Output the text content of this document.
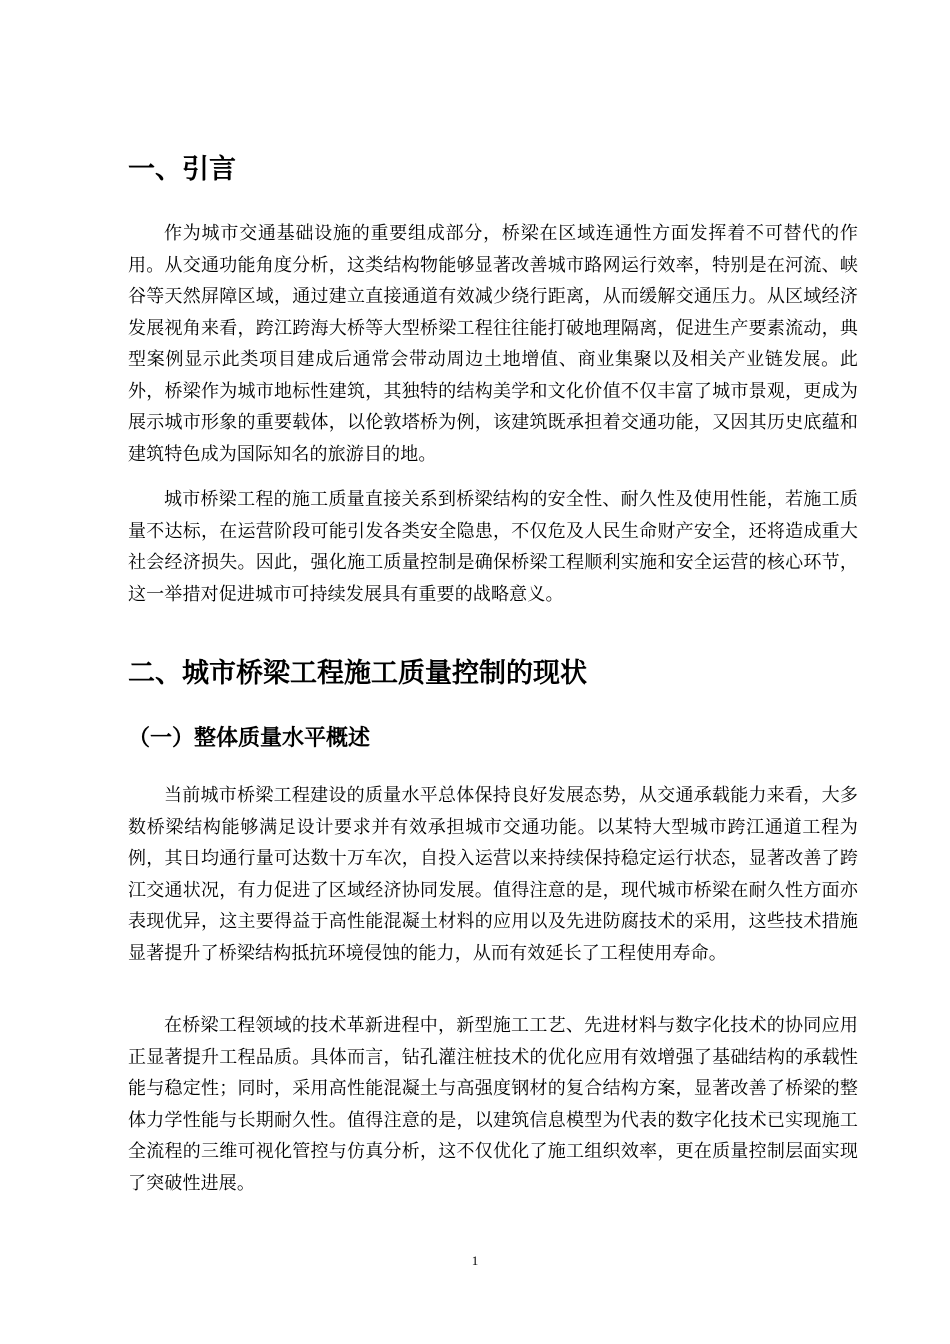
一、引言

作为城市交通基础设施的重要组成部分，桥梁在区域连通性方面发挥着不可替代的作用。从交通功能角度分析，这类结构物能够显著改善城市路网运行效率，特别是在河流、峡谷等天然屏障区域，通过建立直接通道有效减少绕行距离，从而缓解交通压力。从区域经济发展视角来看，跨江跨海大桥等大型桥梁工程往往能打破地理隔离，促进生产要素流动，典型案例显示此类项目建成后通常会带动周边土地增值、商业集聚以及相关产业链发展。此外，桥梁作为城市地标性建筑，其独特的结构美学和文化价值不仅丰富了城市景观，更成为展示城市形象的重要载体，以伦敦塔桥为例，该建筑既承担着交通功能，又因其历史底蕴和建筑特色成为国际知名的旅游目的地。

城市桥梁工程的施工质量直接关系到桥梁结构的安全性、耐久性及使用性能，若施工质量不达标，在运营阶段可能引发各类安全隐患，不仅危及人民生命财产安全，还将造成重大社会经济损失。因此，强化施工质量控制是确保桥梁工程顺利实施和安全运营的核心环节，这一举措对促进城市可持续发展具有重要的战略意义。

二、城市桥梁工程施工质量控制的现状
（一）整体质量水平概述

当前城市桥梁工程建设的质量水平总体保持良好发展态势，从交通承载能力来看，大多数桥梁结构能够满足设计要求并有效承担城市交通功能。以某特大型城市跨江通道工程为例，其日均通行量可达数十万车次，自投入运营以来持续保持稳定运行状态，显著改善了跨江交通状况，有力促进了区域经济协同发展。值得注意的是，现代城市桥梁在耐久性方面亦表现优异，这主要得益于高性能混凝土材料的应用以及先进防腐技术的采用，这些技术措施显著提升了桥梁结构抵抗环境侵蚀的能力，从而有效延长了工程使用寿命。

在桥梁工程领域的技术革新进程中，新型施工工艺、先进材料与数字化技术的协同应用正显著提升工程品质。具体而言，钻孔灌注桩技术的优化应用有效增强了基础结构的承载性能与稳定性；同时，采用高性能混凝土与高强度钢材的复合结构方案，显著改善了桥梁的整体力学性能与长期耐久性。值得注意的是，以建筑信息模型为代表的数字化技术已实现施工全流程的三维可视化管控与仿真分析，这不仅优化了施工组织效率，更在质量控制层面实现了突破性进展。

1
